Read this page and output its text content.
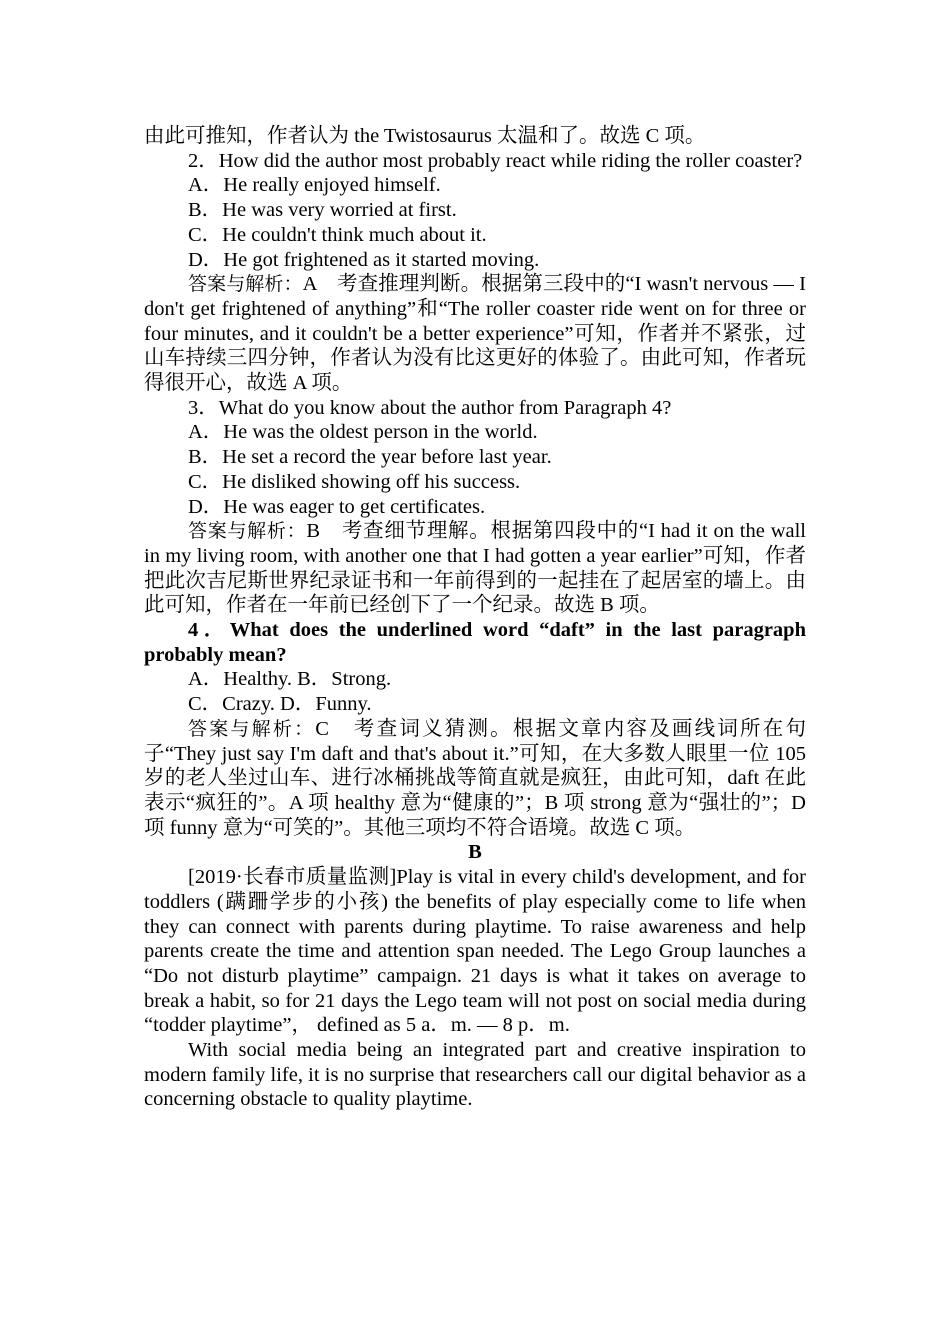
由此可推知，作者认为 the Twistosaurus 太温和了。故选 C 项。

2．How did the author most probably react while riding the roller coaster?

A．He really enjoyed himself.

B．He was very worried at first.

C．He couldn't think much about it.

D．He got frightened as it started moving.

答案与解析：A　考查推理判断。根据第三段中的“I wasn't nervous — I don't get frightened of anything”和“The roller coaster ride went on for three or four minutes, and it couldn't be a better experience”可知，作者并不紧张，过山车持续三四分钟，作者认为没有比这更好的体验了。由此可知，作者玩得很开心，故选 A 项。

3．What do you know about the author from Paragraph 4?

A．He was the oldest person in the world.

B．He set a record the year before last year.

C．He disliked showing off his success.

D．He was eager to get certificates.

答案与解析：B　考查细节理解。根据第四段中的“I had it on the wall in my living room, with another one that I had gotten a year earlier”可知，作者把此次吉尼斯世界纪录证书和一年前得到的一起挂在了起居室的墙上。由此可知，作者在一年前已经创下了一个纪录。故选 B 项。

4．What does the underlined word “daft” in the last paragraph probably mean?

A．Healthy. B．Strong.

C．Crazy. D．Funny.

答案与解析：C　考查词义猜测。根据文章内容及画线词所在句子“They just say I'm daft and that's about it.”可知，在大多数人眼里一位 105 岁的老人坐过山车、进行冰桶挑战等简直就是疯狂，由此可知，daft 在此表示“疯狂的”。A 项 healthy 意为“健康的”；B 项 strong 意为“强壮的”；D 项 funny 意为“可笑的”。其他三项均不符合语境。故选 C 项。

B

[2019·长春市质量监测]Play is vital in every child's development, and for toddlers (蹒跚学步的小孩) the benefits of play especially come to life when they can connect with parents during playtime. To raise awareness and help parents create the time and attention span needed. The Lego Group launches a “Do not disturb playtime” campaign. 21 days is what it takes on average to break a habit, so for 21 days the Lego team will not post on social media during “todder playtime”， defined as 5 a．m. — 8 p．m.

With social media being an integrated part and creative inspiration to modern family life, it is no surprise that researchers call our digital behavior as a concerning obstacle to quality playtime.
